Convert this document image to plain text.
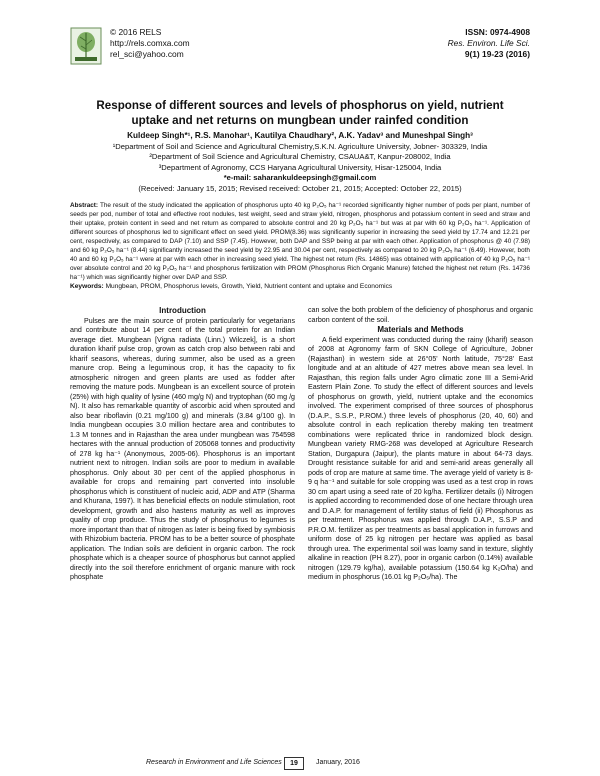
© 2016 RELS
http://rels.comxa.com
rel_sci@yahoo.com
ISSN: 0974-4908
Res. Environ. Life Sci.
9(1) 19-23 (2016)
Response of different sources and levels of phosphorus on yield, nutrient uptake and net returns on mungbean under rainfed condition
Kuldeep Singh*¹, R.S. Manohar¹, Kautilya Chaudhary², A.K. Yadav³ and Muneshpal Singh³
¹Department of Soil and Science and Agricultural Chemistry,S.K.N. Agriculture University, Jobner- 303329, India
²Department of Soil Science and Agricultural Chemistry, CSAUA&T, Kanpur-208002, India
³Department of Agronomy, CCS Haryana Agricultural University, Hisar-125004, India
*e-mail: saharankuldeepsingh@gmail.com
(Received: January 15, 2015; Revised received: October 21, 2015; Accepted: October 22, 2015)
Abstract: The result of the study indicated the application of phosphorus upto 40 kg P₂O₅ ha⁻¹ recorded significantly higher number of pods per plant, number of seeds per pod, number of total and effective root nodules, test weight, seed and straw yield, nitrogen, phosphorus and potassium content in seed and straw and their uptake, protein content in seed and net return as compared to absolute control and 20 kg P₂O₅ ha⁻¹ but was at par with 60 kg P₂O₅ ha⁻¹. Application of different sources of phosphorus led to significant effect on seed yield. PROM(8.36) was significantly superior in increasing the seed yield by 17.74 and 12.21 per cent, respectively, as compared to DAP (7.10) and SSP (7.45). However, both DAP and SSP being at par with each other. Application of phosphorus @ 40 (7.98) and 60 kg P₂O₅ ha⁻¹ (8.44) significantly increased the seed yield by 22.95 and 30.04 per cent, respectively as compared to 20 kg P₂O₅ ha⁻¹ (6.49). However, both 40 and 60 kg P₂O₅ ha⁻¹ were at par with each other in increasing seed yield. The highest net return (Rs. 14865) was obtained with application of 40 kg P₂O₅ ha⁻¹ over absolute control and 20 kg P₂O₅ ha⁻¹ and phosphorus fertilization with PROM (Phosphorus Rich Organic Manure) fetched the highest net return (Rs. 14736 ha⁻¹) which was significantly higher over DAP and SSP.
Keywords: Mungbean, PROM, Phosphorus levels, Growth, Yield, Nutrient content and uptake and Economics
Introduction

Pulses are the main source of protein particularly for vegetarians and contribute about 14 per cent of the total protein for an Indian average diet. Mungbean [Vigna radiata (Linn.) Wilczek], is a short duration kharif pulse crop, grown as catch crop also between rabi and kharif seasons, whereas, during summer, also be used as a green manure crop. Being a leguminous crop, it has the capacity to fix atmospheric nitrogen and green plants are used as fodder after removing the mature pods. Mungbean is an excellent source of protein (25%) with high quality of lysine (460 mg/g N) and tryptophan (60 mg /g N). It also has remarkable quantity of ascorbic acid when sprouted and also bear riboflavin (0.21 mg/100 g) and minerals (3.84 g/100 g). In India mungbean occupies 3.0 million hectare area and contributes to 1.3 M tonnes and in Rajasthan the area under mungbean was 754598 hectares with the annual production of 205068 tonnes and productivity of 278 kg ha⁻¹ (Anonymous, 2005-06). Phosphorus is an important nutrient next to nitrogen. Indian soils are poor to medium in available phosphorus. Only about 30 per cent of the applied phosphorus in available for crops and remaining part converted into insoluble phosphorus which is constituent of nucleic acid, ADP and ATP (Sharma and Khurana, 1997). It has beneficial effects on nodule stimulation, root development, growth and also hastens maturity as well as improves quality of crop produce. Thus the study of phosphorus to legumes is more important than that of nitrogen as later is being fixed by symbiosis with Rhizobium bacteria. PROM has to be a better source of phosphate application. The Indian soils are deficient in organic carbon. The rock phosphate which is a cheaper source of phosphorus but cannot applied directly into the soil therefore enrichment of organic manure with rock phosphate

can solve the both problem of the deficiency of phosphorus and organic carbon content of the soil.

Materials and Methods

A field experiment was conducted during the rainy (kharif) season of 2008 at Agronomy farm of SKN College of Agriculture, Jobner (Rajasthan) in western side at 26°05' North latitude, 75°28' East longitude and at an altitude of 427 metres above mean sea level. In Rajasthan, this region falls under Agro climatic zone III a Semi-Arid Eastern Plain Zone. To study the effect of different sources and levels of phosphorus on growth, yield, nutrient uptake and the economics involved. The experiment comprised of three sources of phosphorus (D.A.P., S.S.P., P.ROM.) three levels of phosphorus (20, 40, 60) and absolute control in each replication thereby making ten treatment combinations were replicated thrice in randomized block design. Mungbean variety RMG-268 was developed at Agriculture Research Station, Durgapura (Jaipur), the plants mature in about 64-73 days. Drought resistance suitable for arid and semi-arid areas generally all pods of crop are mature at same time. The average yield of variety is 8-9 q ha⁻¹ and suitable for sole cropping was used as a test crop in rows 30 cm apart using a seed rate of 20 kg/ha. Fertilizer details (i) Nitrogen is applied according to recommended dose of one hectare through urea and D.A.P. for management of fertility status of field (ii) Phosphorus as per treatment. Phosphorus was applied through D.A.P., S.S.P and P.R.O.M. fertilizer as per treatments as basal application in furrows and uniform dose of 25 kg nitrogen per hectare was applied as basal through urea. The experimental soil was loamy sand in texture, slightly alkaline in reaction (PH 8.27), poor in organic carbon (0.14%) available nitrogen (129.79 kg/ha), available potassium (150.64 kg K₂O/ha) and medium in phosphorus (16.01 kg P₂O₅/ha). The

Research in Environment and Life Sciences	19	January, 2016
